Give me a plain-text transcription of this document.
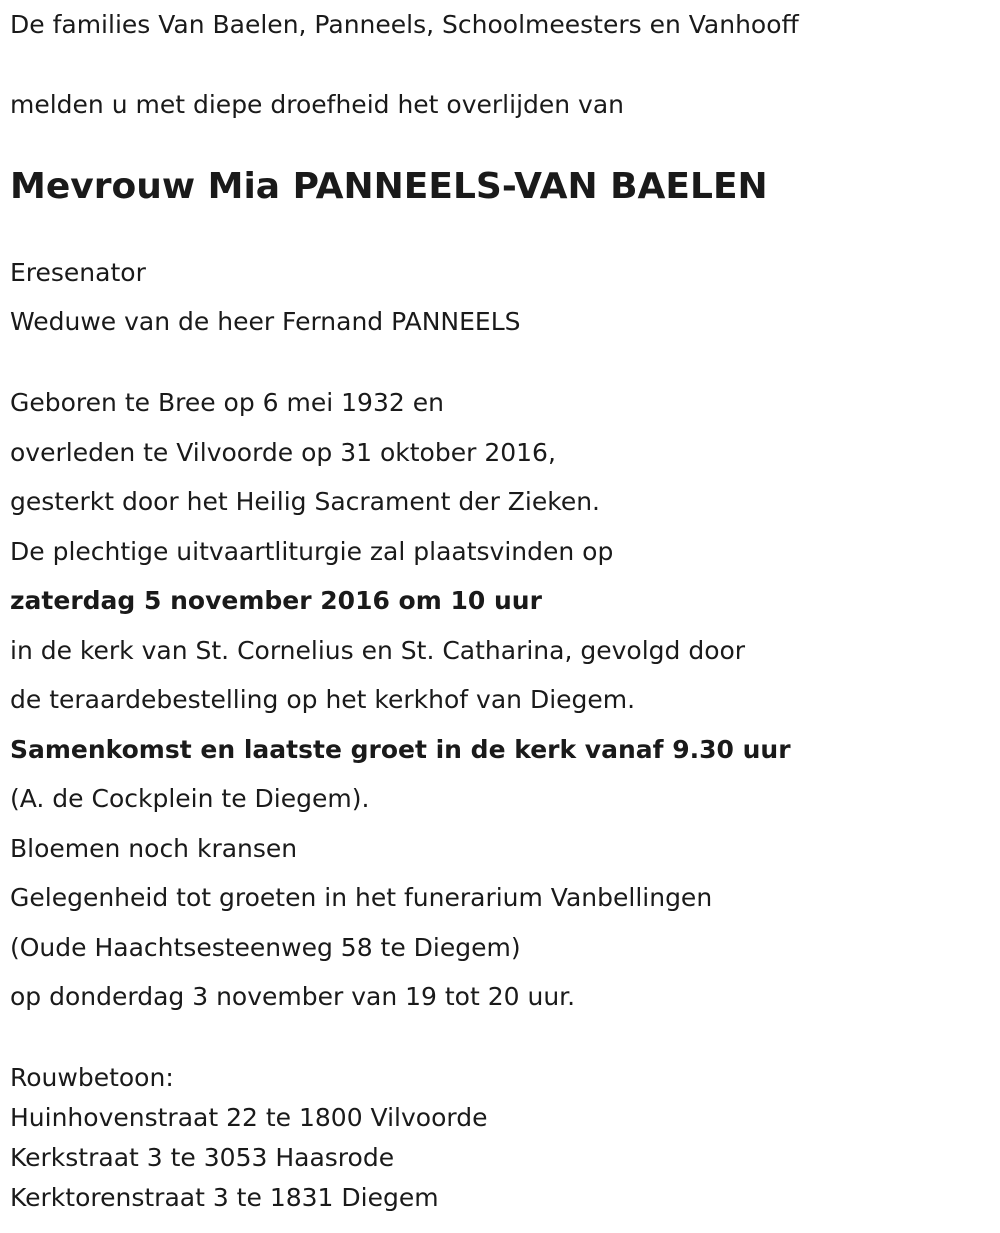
De families Van Baelen, Panneels, Schoolmeesters en Vanhooff

melden u met diepe droefheid het overlijden van

Mevrouw Mia PANNEELS-VAN BAELEN

Eresenator

Weduwe van de heer Fernand PANNEELS

Geboren te Bree op 6 mei 1932 en

overleden te Vilvoorde op 31 oktober 2016,

gesterkt door het Heilig Sacrament der Zieken.

De plechtige uitvaartliturgie zal plaatsvinden op

zaterdag 5 november 2016 om 10 uur

in de kerk van St. Cornelius en St. Catharina, gevolgd door

de teraardebestelling op het kerkhof van Diegem.

Samenkomst en laatste groet in de kerk vanaf 9.30 uur

(A. de Cockplein te Diegem).

Bloemen noch kransen

Gelegenheid tot groeten in het funerarium Vanbellingen

(Oude Haachtsesteenweg 58 te Diegem)

op donderdag 3 november van 19 tot 20 uur.

Rouwbetoon:

Huinhovenstraat 22 te 1800 Vilvoorde

Kerkstraat 3 te 3053 Haasrode

Kerktorenstraat 3 te 1831 Diegem
